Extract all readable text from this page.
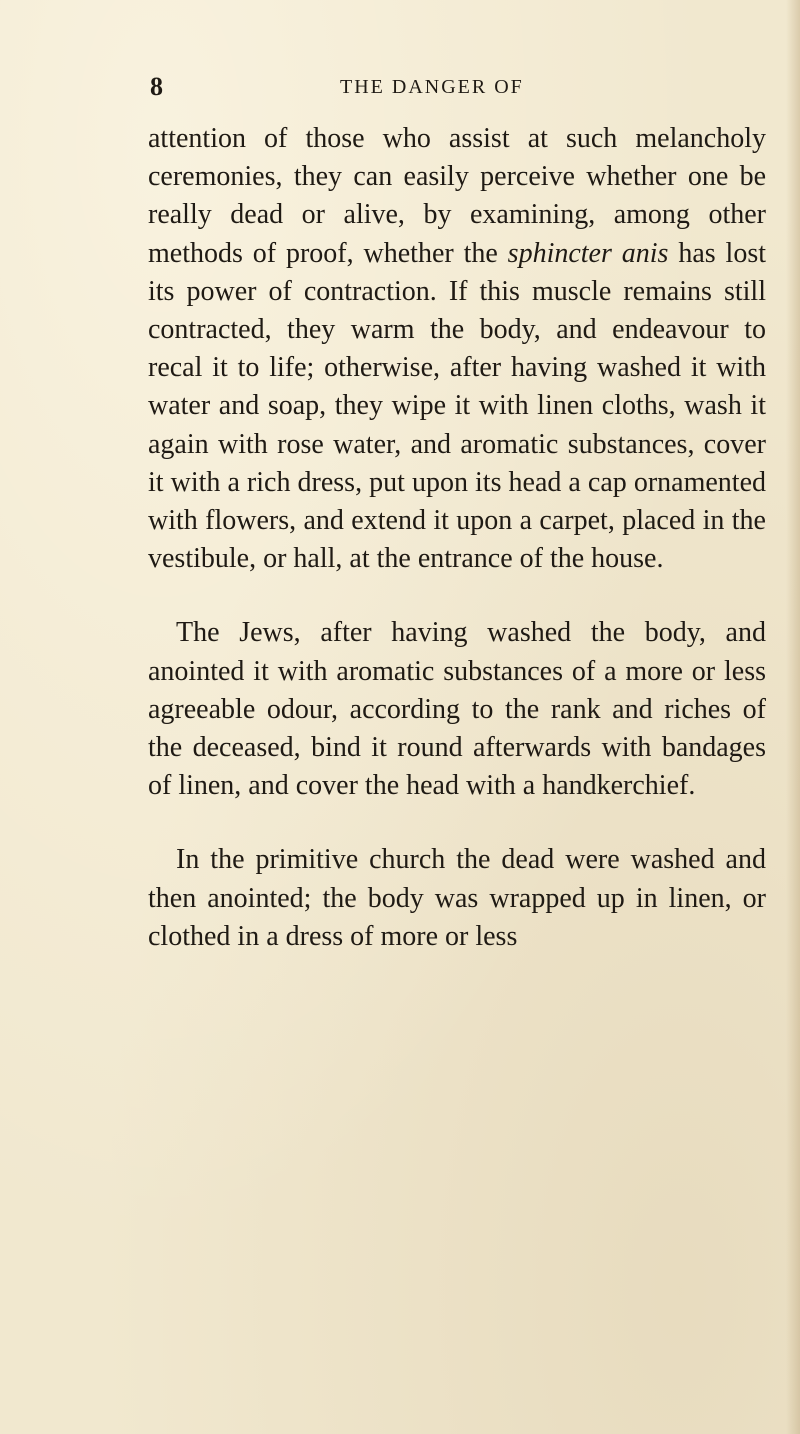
8	THE DANGER OF

attention of those who assist at such melancholy ceremonies, they can easily perceive whether one be really dead or alive, by examining, among other methods of proof, whether the sphincter anis has lost its power of contraction. If this muscle remains still contracted, they warm the body, and endeavour to recal it to life; otherwise, after having washed it with water and soap, they wipe it with linen cloths, wash it again with rose water, and aromatic substances, cover it with a rich dress, put upon its head a cap ornamented with flowers, and extend it upon a carpet, placed in the vestibule, or hall, at the entrance of the house.

The Jews, after having washed the body, and anointed it with aromatic substances of a more or less agreeable odour, according to the rank and riches of the deceased, bind it round afterwards with bandages of linen, and cover the head with a handkerchief.

In the primitive church the dead were washed and then anointed; the body was wrapped up in linen, or clothed in a dress of more or less
